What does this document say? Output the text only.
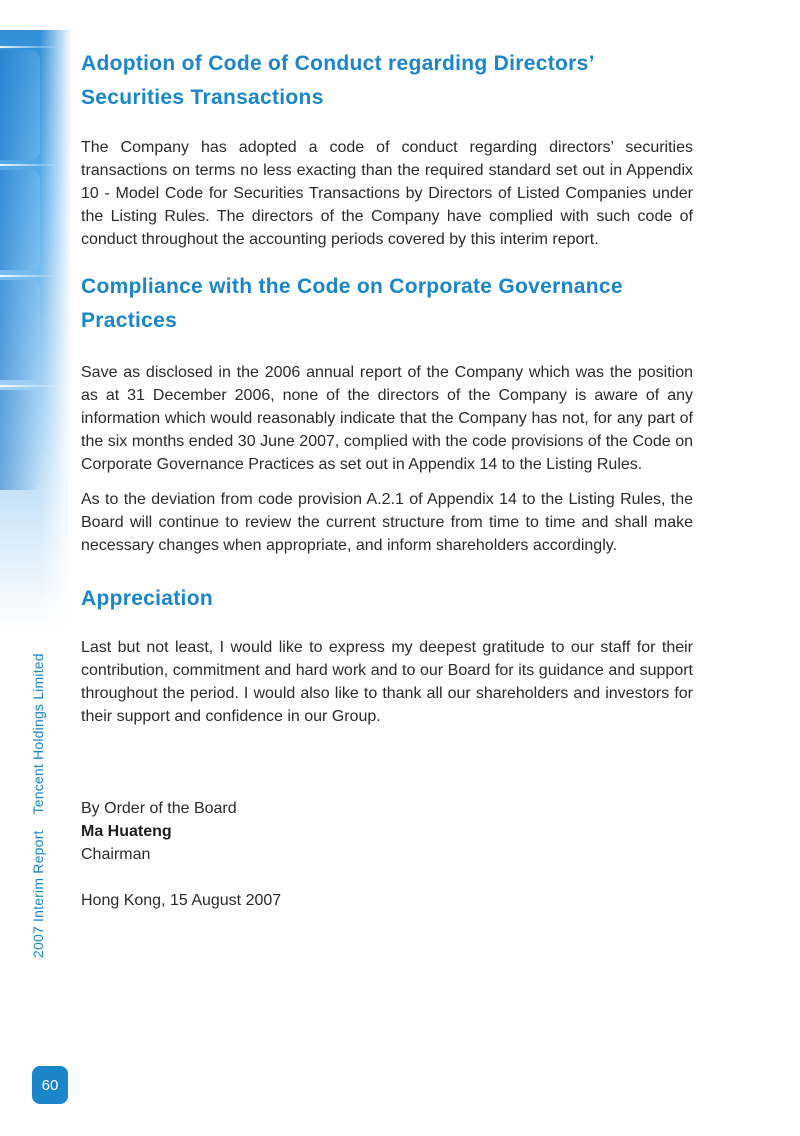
2007 Interim ReportTencent Holdings Limited
60
Adoption of Code of Conduct regarding Directors’ Securities Transactions

The Company has adopted a code of conduct regarding directors’ securities transactions on terms no less exacting than the required standard set out in Appendix 10 - Model Code for Securities Transactions by Directors of Listed Companies under the Listing Rules. The directors of the Company have complied with such code of conduct throughout the accounting periods covered by this interim report.

Compliance with the Code on Corporate Governance Practices

Save as disclosed in the 2006 annual report of the Company which was the position as at 31 December 2006, none of the directors of the Company is aware of any information which would reasonably indicate that the Company has not, for any part of the six months ended 30 June 2007, complied with the code provisions of the Code on Corporate Governance Practices as set out in Appendix 14 to the Listing Rules.

As to the deviation from code provision A.2.1 of Appendix 14 to the Listing Rules, the Board will continue to review the current structure from time to time and shall make necessary changes when appropriate, and inform shareholders accordingly.

Appreciation

Last but not least, I would like to express my deepest gratitude to our staff for their contribution, commitment and hard work and to our Board for its guidance and support throughout the period. I would also like to thank all our shareholders and investors for their support and confidence in our Group.

By Order of the Board
Ma Huateng
Chairman
Hong Kong, 15 August 2007
